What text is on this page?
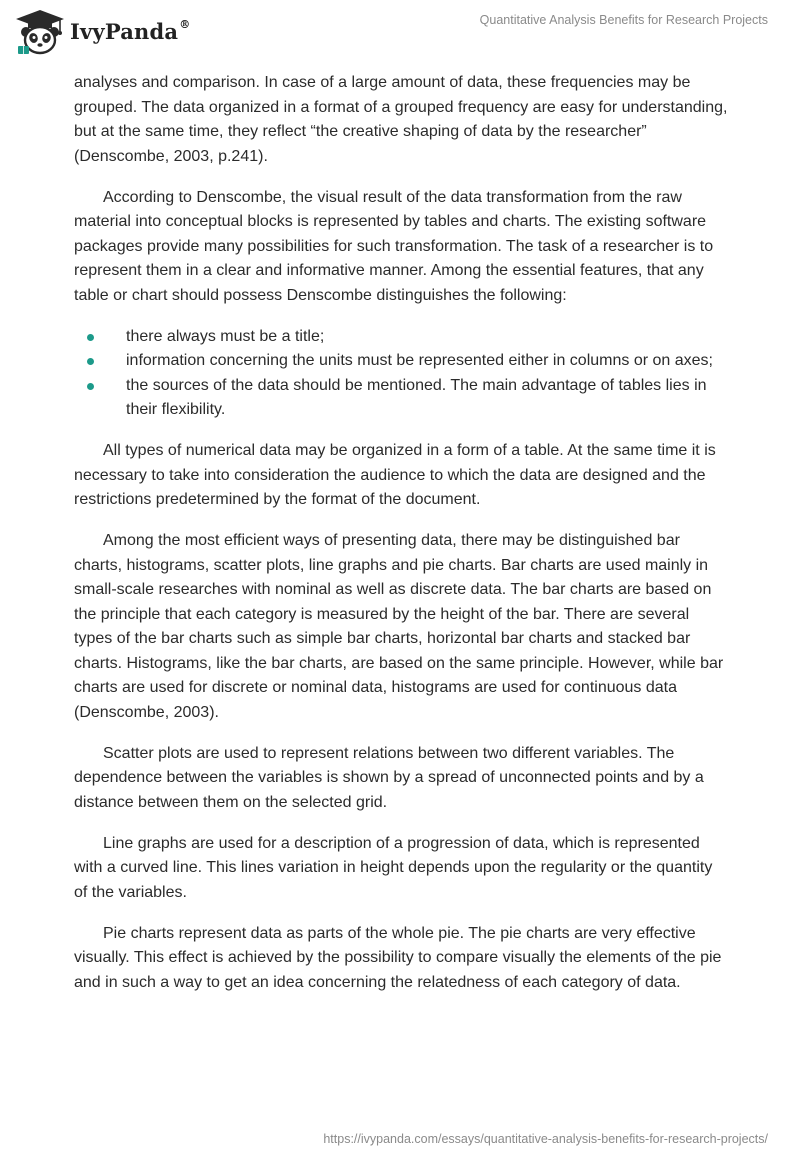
IvyPanda®	Quantitative Analysis Benefits for Research Projects

analyses and comparison. In case of a large amount of data, these frequencies may be grouped. The data organized in a format of a grouped frequency are easy for understanding, but at the same time, they reflect “the creative shaping of data by the researcher” (Denscombe, 2003, p.241).

According to Denscombe, the visual result of the data transformation from the raw material into conceptual blocks is represented by tables and charts. The existing software packages provide many possibilities for such transformation. The task of a researcher is to represent them in a clear and informative manner. Among the essential features, that any table or chart should possess Denscombe distinguishes the following:

there always must be a title;
information concerning the units must be represented either in columns or on axes;
the sources of the data should be mentioned. The main advantage of tables lies in their flexibility.

All types of numerical data may be organized in a form of a table. At the same time it is necessary to take into consideration the audience to which the data are designed and the restrictions predetermined by the format of the document.

Among the most efficient ways of presenting data, there may be distinguished bar charts, histograms, scatter plots, line graphs and pie charts. Bar charts are used mainly in small-scale researches with nominal as well as discrete data. The bar charts are based on the principle that each category is measured by the height of the bar. There are several types of the bar charts such as simple bar charts, horizontal bar charts and stacked bar charts. Histograms, like the bar charts, are based on the same principle. However, while bar charts are used for discrete or nominal data, histograms are used for continuous data (Denscombe, 2003).

Scatter plots are used to represent relations between two different variables. The dependence between the variables is shown by a spread of unconnected points and by a distance between them on the selected grid.

Line graphs are used for a description of a progression of data, which is represented with a curved line. This lines variation in height depends upon the regularity or the quantity of the variables.

Pie charts represent data as parts of the whole pie. The pie charts are very effective visually. This effect is achieved by the possibility to compare visually the elements of the pie and in such a way to get an idea concerning the relatedness of each category of data.

https://ivypanda.com/essays/quantitative-analysis-benefits-for-research-projects/
